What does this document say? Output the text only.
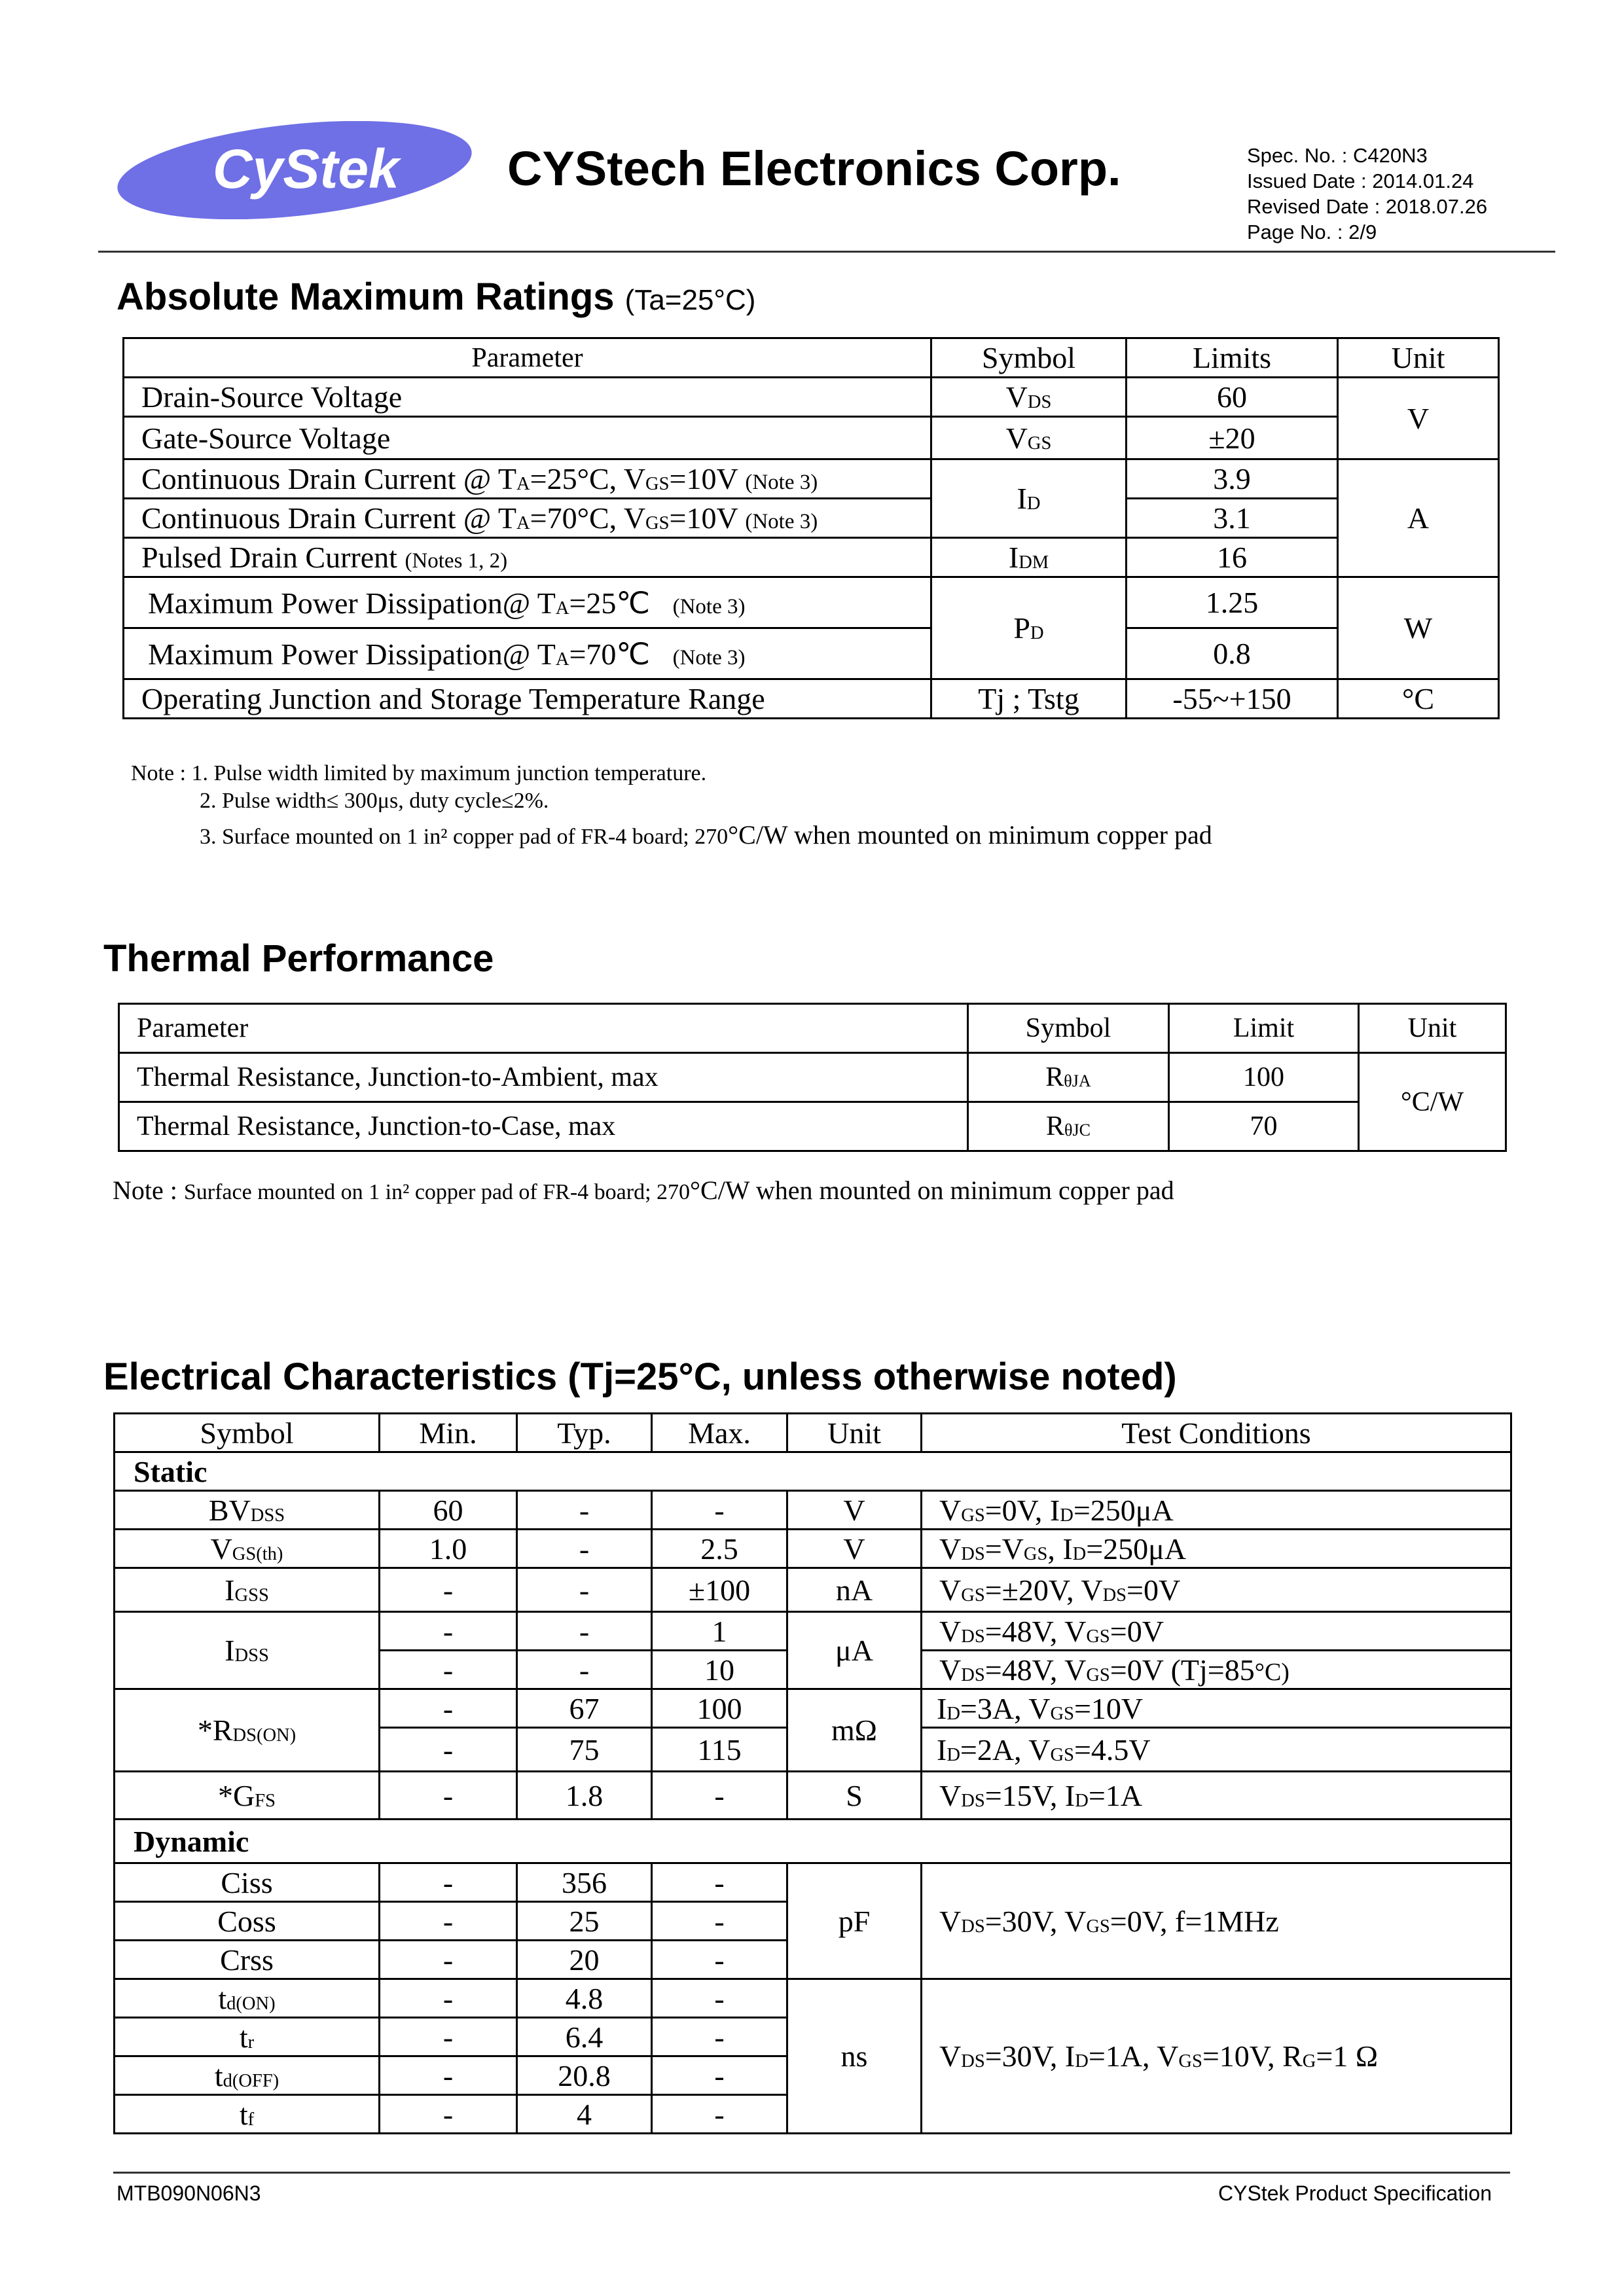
CyStek CYStech Electronics Corp.	Spec. No. : C420N3
Issued Date : 2014.01.24
Revised Date : 2018.07.26
Page No. : 2/9
Absolute Maximum Ratings (Ta=25°C)
Parameter	Symbol	Limits	Unit
Drain-Source Voltage	$V_{DS}$	60	V
Gate-Source Voltage	$V_{GS}$	±20	
Continuous Drain Current @ $T_A=25^\circ C$, $V_{GS}=10V$ (Note 3)	$I_D$	3.9	A
Continuous Drain Current @ $T_A=70^\circ C$, $V_{GS}=10V$ (Note 3)		3.1	
Pulsed Drain Current (Notes 1, 2)	$I_{DM}$	16	
Maximum Power Dissipation@ $T_A=25℃$ (Note 3)	$P_D$	1.25	W
Maximum Power Dissipation@ $T_A=70℃$ (Note 3)		0.8	
Operating Junction and Storage Temperature Range	Tj ; Tstg	-55~+150	°C
Note : 1. Pulse width limited by maximum junction temperature.
2. Pulse width≤ 300μs, duty cycle≤2%.
3. Surface mounted on 1 in² copper pad of FR-4 board; 270°C/W when mounted on minimum copper pad
Thermal Performance
Parameter	Symbol	Limit	Unit
Thermal Resistance, Junction-to-Ambient, max	$R_{\theta JA}$	100	°C/W
Thermal Resistance, Junction-to-Case, max	$R_{\theta JC}$	70	
Note : Surface mounted on 1 in² copper pad of FR-4 board; 270°C/W when mounted on minimum copper pad
Electrical Characteristics (Tj=25°C, unless otherwise noted)
Symbol	Min.	Typ.	Max.	Unit	Test Conditions
Static					
$BV_{DSS}$	60	-	-	V	$V_{GS}=0V$, $I_D=250\mu A$
$V_{GS(th)}$	1.0	-	2.5	V	$V_{DS}=V_{GS}$, $I_D=250\mu A$
$I_{GSS}$	-	-	±100	nA	$V_{GS}=\pm 20V$, $V_{DS}=0V$
$I_{DSS}$	-	-	1	μA	$V_{DS}=48V$, $V_{GS}=0V$
	-	-	10		$V_{DS}=48V$, $V_{GS}=0V$ (Tj=85°C)
$*R_{DS(ON)}$	-	67	100	mΩ	$I_D=3A$, $V_{GS}=10V$
	-	75	115		$I_D=2A$, $V_{GS}=4.5V$
$*G_{FS}$	-	1.8	-	S	$V_{DS}=15V$, $I_D=1A$
Dynamic					
Ciss	-	356	-	pF	$V_{DS}=30V$, $V_{GS}=0V$, f=1MHz
Coss	-	25	-		
Crss	-	20	-		
$t_{d(ON)}$	-	4.8	-	ns	$V_{DS}=30V$, $I_D=1A$, $V_{GS}=10V$, $R_G=1$ Ω
$t_r$	-	6.4	-		
$t_{d(OFF)}$	-	20.8	-		
$t_f$	-	4	-		
MTB090N06N3	CYStek Product Specification
